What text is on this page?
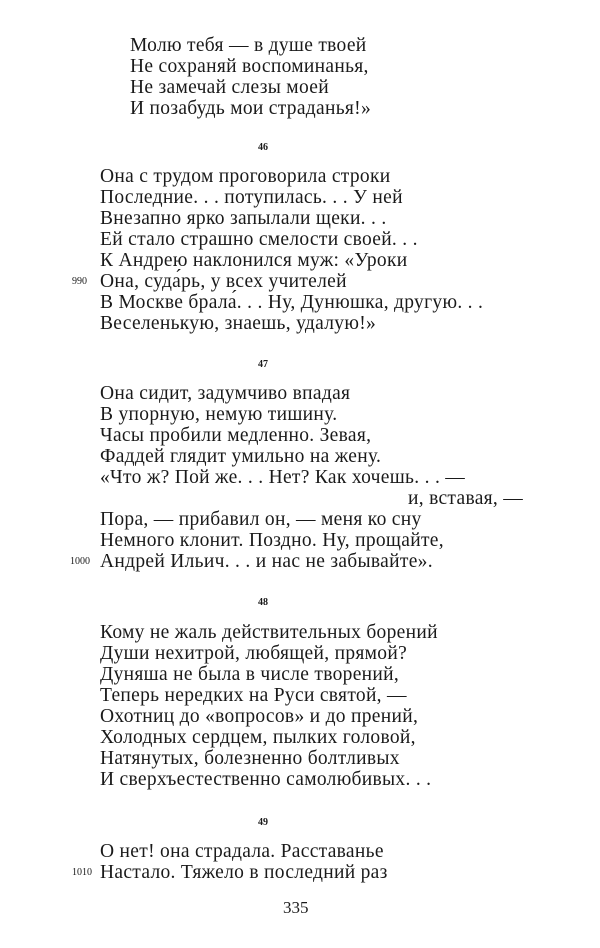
Молю тебя — в душе твоей
Не сохраняй воспоминанья,
Не замечай слезы моей
И позабудь мои страданья!»
46
Она с трудом проговорила строки
Последние. . . потупилась. . . У ней
Внезапно ярко запылали щеки. . .
Ей стало страшно смелости своей. . .
К Андрею наклонился муж: «Уроки
990 Она, суда́рь, у всех учителей
В Москве брала́. . . Ну, Дунюшка, другую. . .
Веселенькую, знаешь, удалую!»
47
Она сидит, задумчиво впадая
В упорную, немую тишину.
Часы пробили медленно. Зевая,
Фаддей глядит умильно на жену.
«Что ж? Пой же. . . Нет? Как хочешь. . . —
и, вставая, —
Пора, — прибавил он, — меня ко сну
Немного клонит. Поздно. Ну, прощайте,
1000 Андрей Ильич. . . и нас не забывайте».
48
Кому не жаль действительных борений
Души нехитрой, любящей, прямой?
Дуняша не была в числе творений,
Теперь нередких на Руси святой, —
Охотниц до «вопросов» и до прений,
Холодных сердцем, пылких головой,
Натянутых, болезненно болтливых
И сверхъестественно самолюбивых. . .
49
О нет! она страдала. Расставанье
1010 Настало. Тяжело в последний раз
335
